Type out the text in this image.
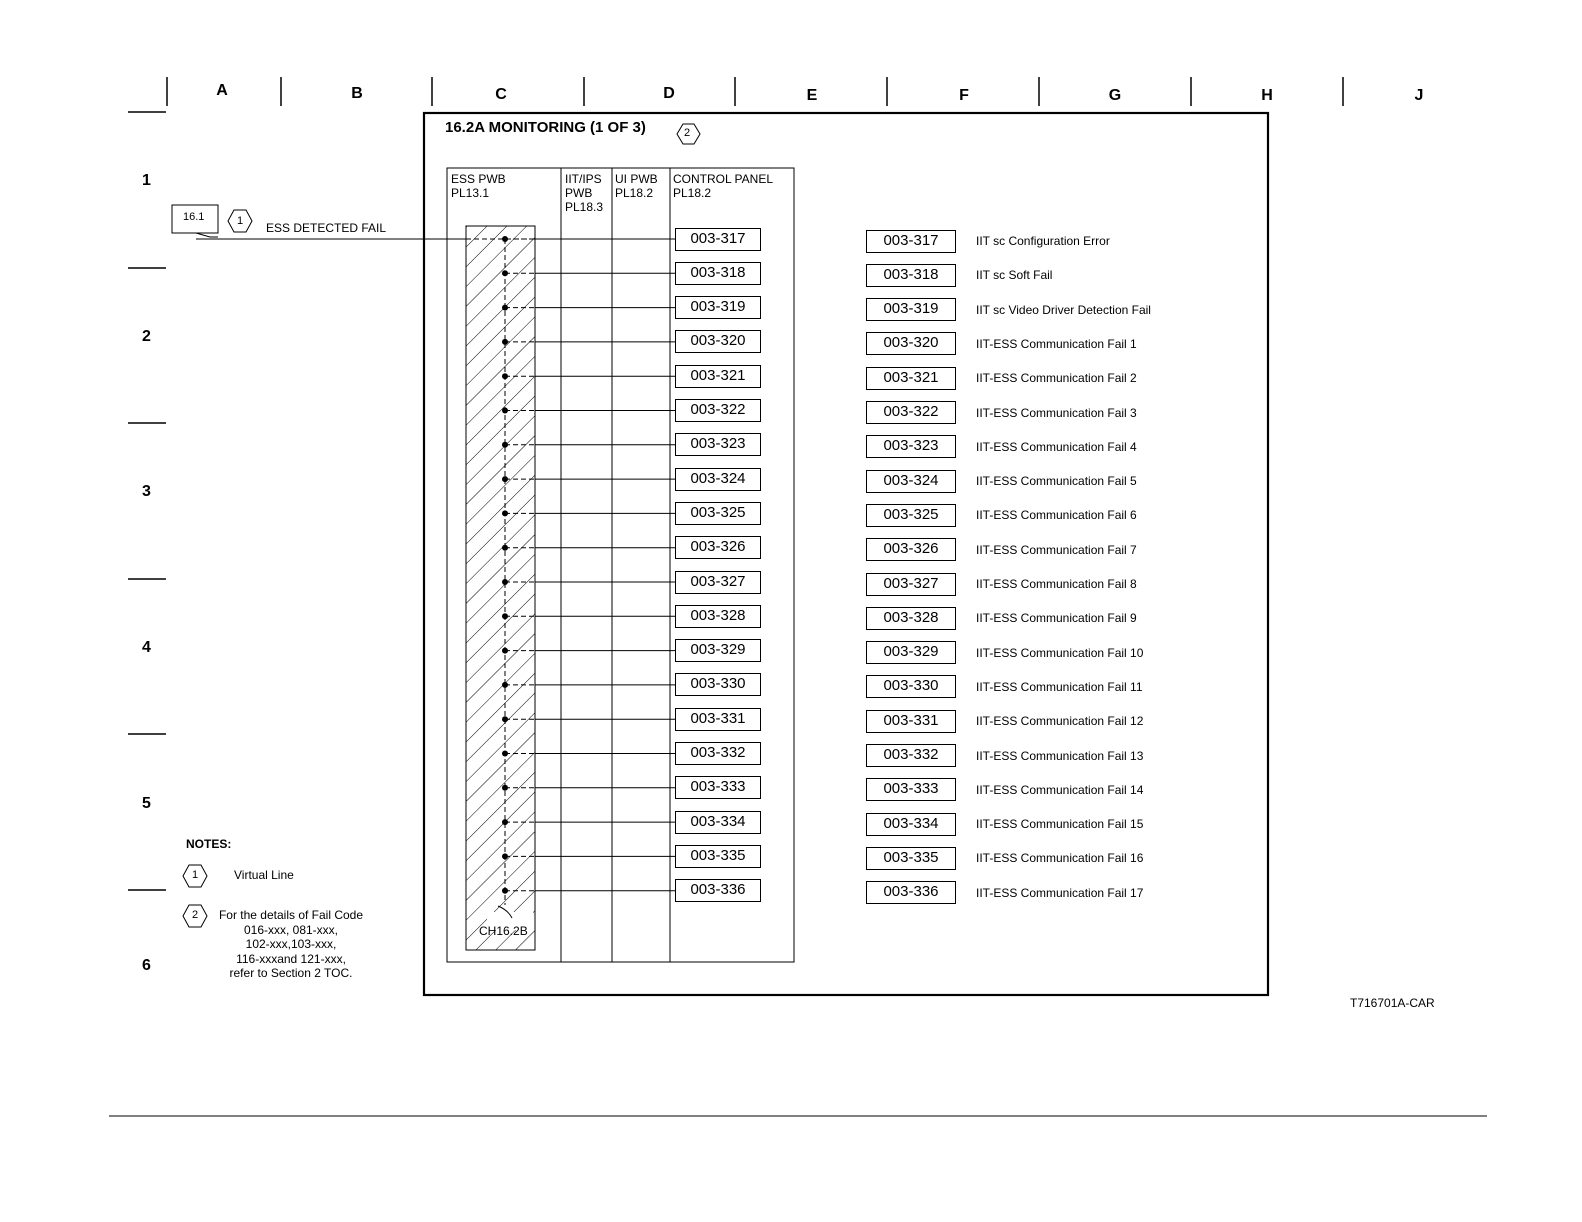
A	B	C	D	E	F	G	H	J
1
2
3
4
5
6
16.2A MONITORING (1 OF 3)	2
ESS PWB
PL13.1
IIT/IPS
PWB
PL18.3
UI PWB
PL18.2
CONTROL PANEL
PL18.2
16.1	1 ESS DETECTED FAIL
CH16.2B
003-317
003-318
003-319
003-320
003-321
003-322
003-323
003-324
003-325
003-326
003-327
003-328
003-329
003-330
003-331
003-332
003-333
003-334
003-335
003-336
003-317	IIT sc Configuration Error
003-318	IIT sc Soft Fail
003-319	IIT sc Video Driver Detection Fail
003-320	IIT-ESS Communication Fail 1
003-321	IIT-ESS Communication Fail 2
003-322	IIT-ESS Communication Fail 3
003-323	IIT-ESS Communication Fail 4
003-324	IIT-ESS Communication Fail 5
003-325	IIT-ESS Communication Fail 6
003-326	IIT-ESS Communication Fail 7
003-327	IIT-ESS Communication Fail 8
003-328	IIT-ESS Communication Fail 9
003-329	IIT-ESS Communication Fail 10
003-330	IIT-ESS Communication Fail 11
003-331	IIT-ESS Communication Fail 12
003-332	IIT-ESS Communication Fail 13
003-333	IIT-ESS Communication Fail 14
003-334	IIT-ESS Communication Fail 15
003-335	IIT-ESS Communication Fail 16
003-336	IIT-ESS Communication Fail 17
NOTES:
1	Virtual Line
2	For the details of Fail Code
016-xxx, 081-xxx,
102-xxx,103-xxx,
116-xxxand 121-xxx,
refer to Section 2 TOC.
T716701A-CAR
